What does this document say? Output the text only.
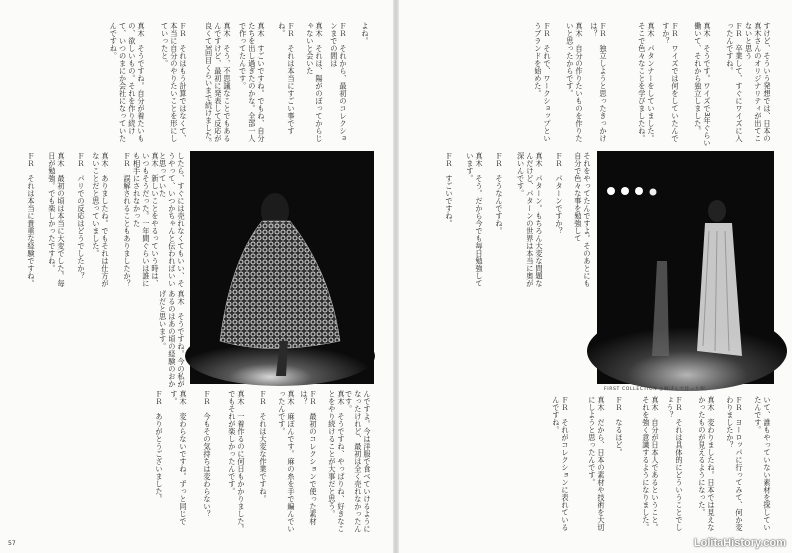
よね。
ＦＲ　それから、最初のコレクションまでの間は
真木　それは、陽がのぼってからじゃないと会いた
ＦＲ　それは本当にすごい事ですね。
真木　すごいですね。でもね、自分たちを出し過ぎたのかな。全部一人で作ってたんです。
真木　そう、不思議なことでもあるんですけど、最初に発表して反応が良くて3回目くらいまで続けました。
ＦＲ　それはもう計算ではなくて、本当に自分のやりたいことを形にしていったと。
真木　そうですね。自分が着たいもの、欲しいもの。それを作り続けて、いつのまにか会社になっていたんですね。
したら、すぐには売れなくてもいい、そうやって、いつかちゃんと伝わればいいと思っていた
真木　新しいことをやるっていう時は、いつもそうだった。一年間ぐらいは誰にも相手にされなかった
ＦＲ　誤解されることもありましたか？
真木　ありましたね。でもそれは仕方がないことだと思っていました。
ＦＲ　パリでの反応はどうでしたか？
真木　最初の頃は本当に大変でした。毎日が勉強。でも楽しかったですね。
ＦＲ　それは本当に貴重な経験ですね。
真木　そうですね。今の私があるのはあの頃の経験のおかげだと思います。
んですよ。今は洋服で食べていけるようになったけれど、最初は全く売れなかったんです。
真木　そうですね、やっぱりね、好きなことをやり続けることが大事だと思う。
ＦＲ　最初のコレクションで使った素材は？
真木　麻ぽんです。麻の糸を手で編んでいったんです。
ＦＲ　それは大変な作業ですね。
真木　一着作るのに何日もかかりました。でもそれが楽しかったんです。
ＦＲ　今もその気持ちは変わらない？
真木　変わらないですね。ずっと同じです。
ＦＲ　ありがとうございました。
57
すけど、そういう発想では、日本の真木さんのオリジナリティが出てこないと思う
ＦＲ　卒業して、すぐにワイズに入ったんですね。
真木　そうです。ワイズで3年ぐらい働いて、それから独立しました。
ＦＲ　ワイズでは何をしていたんですか？
真木　パタンナーをしていました。そこで色々なことを学びましたね。
ＦＲ　独立しようと思ったきっかけは？
真木　自分の作りたいものを作りたいと思ったからです。
ＦＲ　それで、ワークショップというブランドを始めた。
FIRST COLLECTION ◎麻ぽんで作った服。
それをやってたんですよ。そのあとにも自分で色々な事を勉強して
ＦＲ　パターンですか？
真木　パターン。もちろん大変な問題なんだけど、パターンの世界は本当に奥が深いんです。
ＦＲ　そうなんですね。
真木　そう。だから今でも毎日勉強しています。
ＦＲ　すごいですね。
いて、誰もやっていない素材を探していたんです。
ＦＲ　ヨーロッパに行ってみて、何か変わりましたか？
真木　変わりましたね。日本では見えなかったものが見えるようになった。
ＦＲ　それは具体的にどういうことでしょう？
真木　自分が日本人であるということ。それを強く意識するようになりました。
ＦＲ　なるほど。
真木　だから、日本の素材や技術を大切にしようと思ったんです。
ＦＲ　それがコレクションに表れているんですね。
LolitaHistory.com
